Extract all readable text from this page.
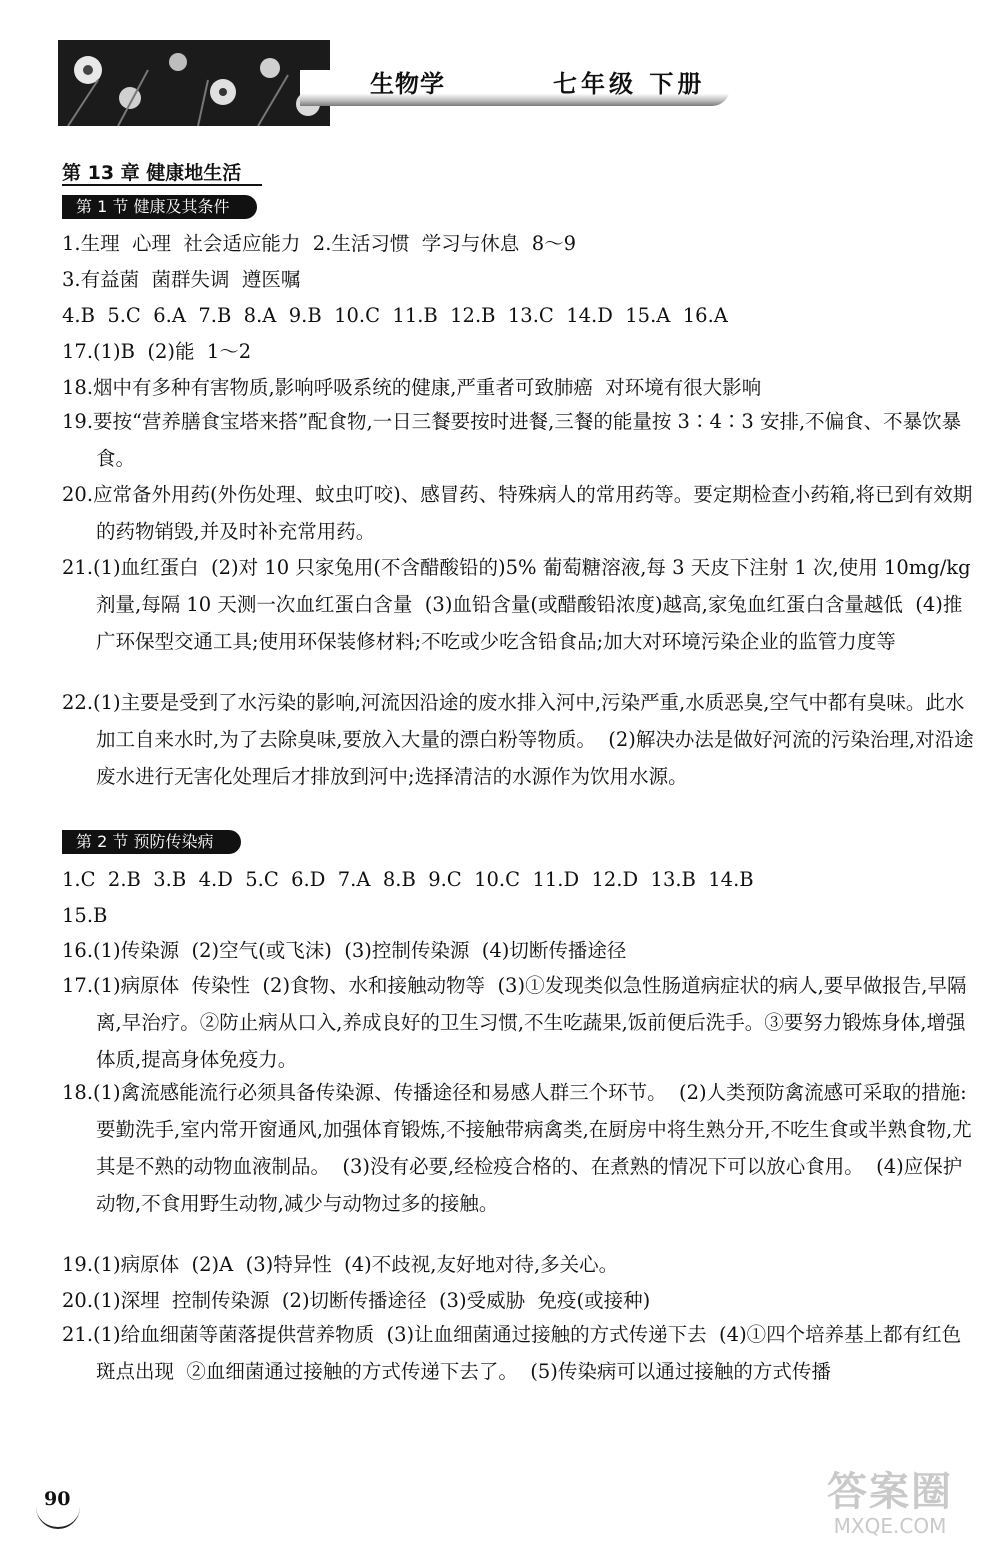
生物学	七年级 下册
第 13 章 健康地生活
第 1 节 健康及其条件

1.生理  心理  社会适应能力  2.生活习惯  学习与休息  8～9

3.有益菌  菌群失调  遵医嘱

4.B  5.C  6.A  7.B  8.A  9.B  10.C  11.B  12.B  13.C  14.D  15.A  16.A

17.(1)B  (2)能  1～2

18.烟中有多种有害物质,影响呼吸系统的健康,严重者可致肺癌  对环境有很大影响

19.要按“营养膳食宝塔来搭”配食物,一日三餐要按时进餐,三餐的能量按 3∶4∶3 安排,不偏食、不暴饮暴食。

20.应常备外用药(外伤处理、蚊虫叮咬)、感冒药、特殊病人的常用药等。要定期检查小药箱,将已到有效期的药物销毁,并及时补充常用药。

21.(1)血红蛋白  (2)对 10 只家兔用(不含醋酸铅的)5% 葡萄糖溶液,每 3 天皮下注射 1 次,使用 10mg/kg 剂量,每隔 10 天测一次血红蛋白含量  (3)血铅含量(或醋酸铅浓度)越高,家兔血红蛋白含量越低  (4)推广环保型交通工具;使用环保装修材料;不吃或少吃含铅食品;加大对环境污染企业的监管力度等

22.(1)主要是受到了水污染的影响,河流因沿途的废水排入河中,污染严重,水质恶臭,空气中都有臭味。此水加工自来水时,为了去除臭味,要放入大量的漂白粉等物质。  (2)解决办法是做好河流的污染治理,对沿途废水进行无害化处理后才排放到河中;选择清洁的水源作为饮用水源。

第 2 节 预防传染病

1.C  2.B  3.B  4.D  5.C  6.D  7.A  8.B  9.C  10.C  11.D  12.D  13.B  14.B

15.B

16.(1)传染源  (2)空气(或飞沫)  (3)控制传染源  (4)切断传播途径

17.(1)病原体  传染性  (2)食物、水和接触动物等  (3)①发现类似急性肠道病症状的病人,要早做报告,早隔离,早治疗。②防止病从口入,养成良好的卫生习惯,不生吃蔬果,饭前便后洗手。③要努力锻炼身体,增强体质,提高身体免疫力。

18.(1)禽流感能流行必须具备传染源、传播途径和易感人群三个环节。  (2)人类预防禽流感可采取的措施:要勤洗手,室内常开窗通风,加强体育锻炼,不接触带病禽类,在厨房中将生熟分开,不吃生食或半熟食物,尤其是不熟的动物血液制品。  (3)没有必要,经检疫合格的、在煮熟的情况下可以放心食用。  (4)应保护动物,不食用野生动物,减少与动物过多的接触。

19.(1)病原体  (2)A  (3)特异性  (4)不歧视,友好地对待,多关心。

20.(1)深埋  控制传染源  (2)切断传播途径  (3)受威胁  免疫(或接种)

21.(1)给血细菌等菌落提供营养物质  (3)让血细菌通过接触的方式传递下去  (4)①四个培养基上都有红色斑点出现  ②血细菌通过接触的方式传递下去了。  (5)传染病可以通过接触的方式传播

90	答案圈
MXQE.COM
